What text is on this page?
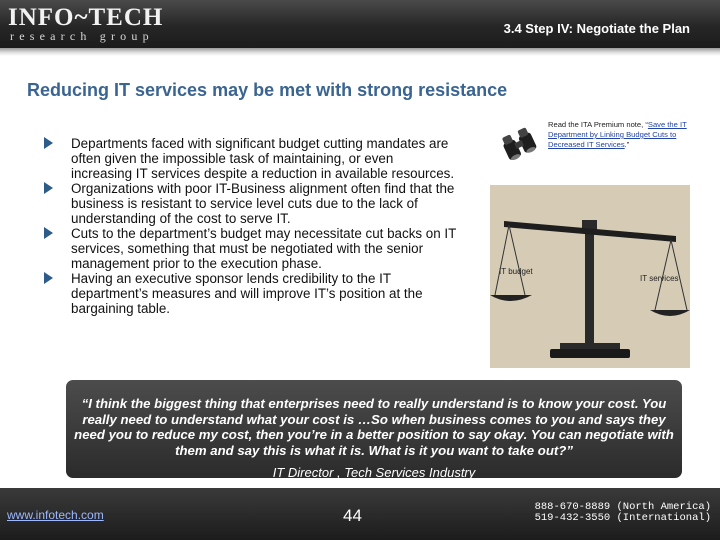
INFO~TECH
research group	3.4 Step IV: Negotiate the Plan
Reducing IT services may be met with strong resistance
Departments faced with significant budget cutting mandates are often given the impossible task of maintaining, or even increasing IT services despite a reduction in available resources.
Organizations with poor IT-Business alignment often find that the business is resistant to service level cuts due to the lack of understanding of the cost to serve IT.
Cuts to the department’s budget may necessitate cut backs on IT services, something that must be negotiated with the senior management prior to the execution phase.
Having an executive sponsor lends credibility to the IT department’s measures and will improve IT’s position at the bargaining table.
Read the ITA Premium note, “Save the IT Department by Linking Budget Cuts to Decreased IT Services.”
IT budget
IT services
“I think the biggest thing that enterprises need to really understand is to know your cost. You really need to understand what your cost is …So when business comes to you and says they need you to reduce my cost, then you’re in a better position to say okay. You can negotiate with them and say this is what it is. What is it you want to take out?”
IT Director , Tech Services Industry
www.infotech.com	44	888-670-8889 (North America)
519-432-3550 (International)
